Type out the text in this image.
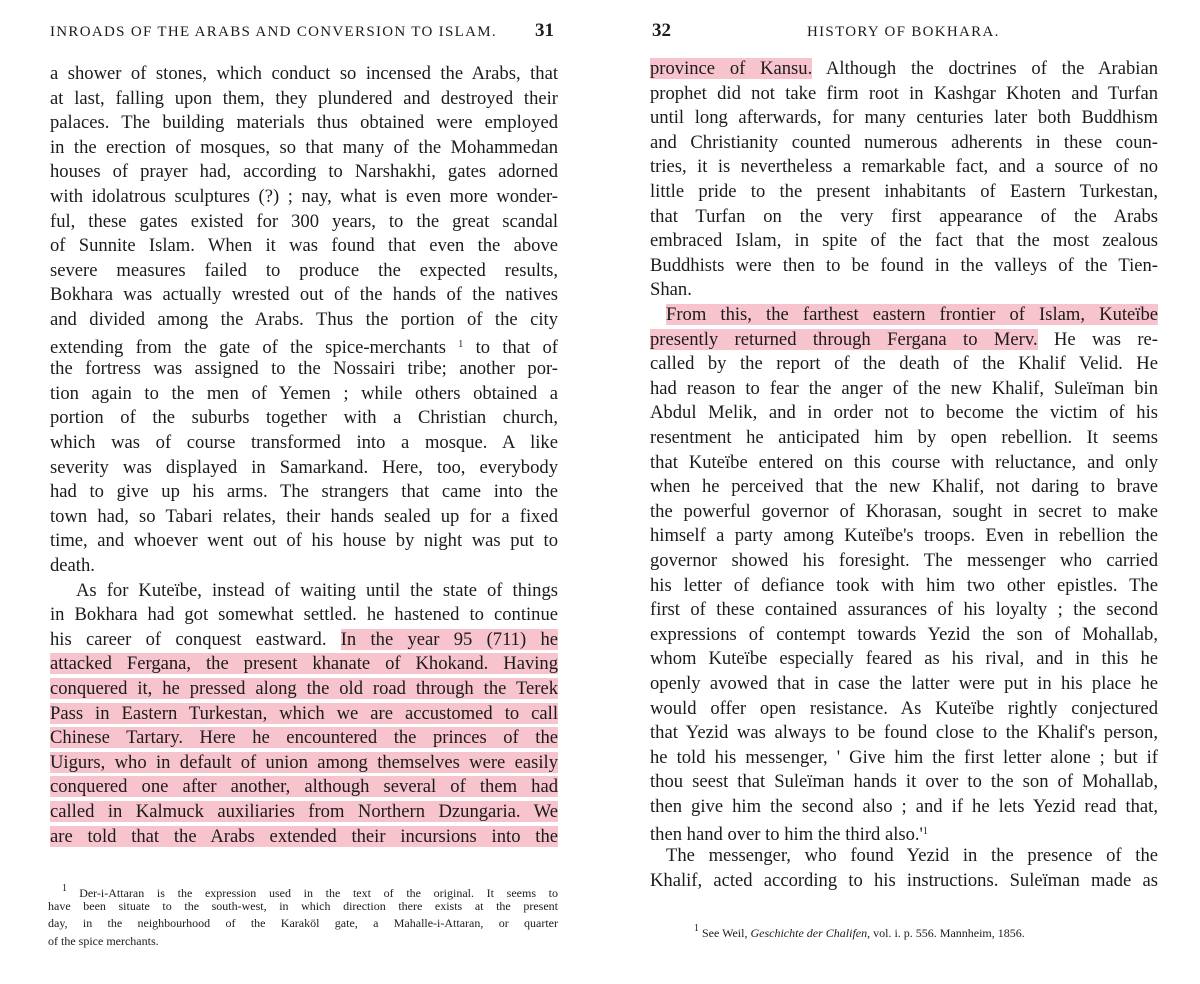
INROADS OF THE ARABS AND CONVERSION TO ISLAM. 31
a shower of stones, which conduct so incensed the Arabs, that
at last, falling upon them, they plundered and destroyed their
palaces. The building materials thus obtained were employed
in the erection of mosques, so that many of the Mohammedan
houses of prayer had, according to Narshakhi, gates adorned
with idolatrous sculptures (?) ; nay, what is even more wonder-
ful, these gates existed for 300 years, to the great scandal
of Sunnite Islam. When it was found that even the above
severe measures failed to produce the expected results,
Bokhara was actually wrested out of the hands of the natives
and divided among the Arabs. Thus the portion of the city
extending from the gate of the spice-merchants $^1$ to that of
the fortress was assigned to the Nossairi tribe; another por-
tion again to the men of Yemen ; while others obtained a
portion of the suburbs together with a Christian church,
which was of course transformed into a mosque. A like
severity was displayed in Samarkand. Here, too, everybody
had to give up his arms. The strangers that came into the
town had, so Tabari relates, their hands sealed up for a fixed
time, and whoever went out of his house by night was put to
death.
As for Kuteïbe, instead of waiting until the state of things
in Bokhara had got somewhat settled. he hastened to continue
his career of conquest eastward. In the year 95 (711) he
attacked Fergana, the present khanate of Khokand. Having
conquered it, he pressed along the old road through the Terek
Pass in Eastern Turkestan, which we are accustomed to call
Chinese Tartary. Here he encountered the princes of the
Uigurs, who in default of union among themselves were easily
conquered one after another, although several of them had
called in Kalmuck auxiliaries from Northern Dzungaria. We
are told that the Arabs extended their incursions into the
$^1$ Der-i-Attaran is the expression used in the text of the original. It seems to
have been situate to the south-west, in which direction there exists at the present
day, in the neighbourhood of the Karaköl gate, a Mahalle-i-Attaran, or quarter
of the spice merchants.
32	HISTORY OF BOKHARA.
province of Kansu. Although the doctrines of the Arabian
prophet did not take firm root in Kashgar Khoten and Turfan
until long afterwards, for many centuries later both Buddhism
and Christianity counted numerous adherents in these coun-
tries, it is nevertheless a remarkable fact, and a source of no
little pride to the present inhabitants of Eastern Turkestan,
that Turfan on the very first appearance of the Arabs
embraced Islam, in spite of the fact that the most zealous
Buddhists were then to be found in the valleys of the Tien-
Shan.
From this, the farthest eastern frontier of Islam, Kuteïbe
presently returned through Fergana to Merv. He was re-
called by the report of the death of the Khalif Velid. He
had reason to fear the anger of the new Khalif, Suleïman bin
Abdul Melik, and in order not to become the victim of his
resentment he anticipated him by open rebellion. It seems
that Kuteïbe entered on this course with reluctance, and only
when he perceived that the new Khalif, not daring to brave
the powerful governor of Khorasan, sought in secret to make
himself a party among Kuteïbe's troops. Even in rebellion the
governor showed his foresight. The messenger who carried
his letter of defiance took with him two other epistles. The
first of these contained assurances of his loyalty ; the second
expressions of contempt towards Yezid the son of Mohallab,
whom Kuteïbe especially feared as his rival, and in this he
openly avowed that in case the latter were put in his place he
would offer open resistance. As Kuteïbe rightly conjectured
that Yezid was always to be found close to the Khalif's person,
he told his messenger, ' Give him the first letter alone ; but if
thou seest that Suleïman hands it over to the son of Mohallab,
then give him the second also ; and if he lets Yezid read that,
then hand over to him the third $also.'^1$
The messenger, who found Yezid in the presence of the
Khalif, acted according to his instructions. Suleïman made as
$^1$ See Weil, Geschichte der Chalifen, vol. i. p. 556. Mannheim, 1856.
